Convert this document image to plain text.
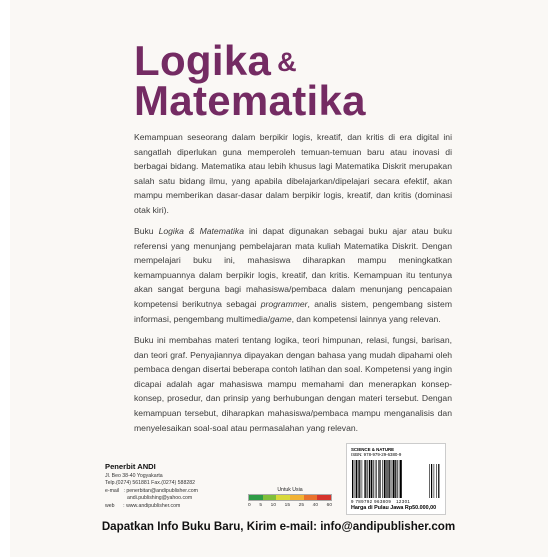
Logika &
Matematika

Kemampuan seseorang dalam berpikir logis, kreatif, dan kritis di era digital ini sangatlah diperlukan guna memperoleh temuan-temuan baru atau inovasi di berbagai bidang. Matematika atau lebih khusus lagi Matematika Diskrit merupakan salah satu bidang ilmu, yang apabila dibelajarkan/dipelajari secara efektif, akan mampu memberikan dasar-dasar dalam berpikir logis, kreatif, dan kritis (dominasi otak kiri).

Buku Logika & Matematika ini dapat digunakan sebagai buku ajar atau buku referensi yang menunjang pembelajaran mata kuliah Matematika Diskrit. Dengan mempelajari buku ini, mahasiswa diharapkan mampu meningkatkan kemampuannya dalam berpikir logis, kreatif, dan kritis. Kemampuan itu tentunya akan sangat berguna bagi mahasiswa/pembaca dalam menunjang pencapaian kompetensi berikutnya sebagai programmer, analis sistem, pengembang sistem informasi, pengembang multimedia/game, dan kompetensi lainnya yang relevan.

Buku ini membahas materi tentang logika, teori himpunan, relasi, fungsi, barisan, dan teori graf. Penyajiannya dipayakan dengan bahasa yang mudah dipahami oleh pembaca dengan disertai beberapa contoh latihan dan soal. Kompetensi yang ingin dicapai adalah agar mahasiswa mampu memahami dan menerapkan konsep-konsep, prosedur, dan prinsip yang berhubungan dengan materi tersebut. Dengan kemampuan tersebut, diharapkan mahasiswa/pembaca mampu menganalisis dan menyelesaikan soal-soal atau permasalahan yang relevan.

Penerbit ANDI
Jl. Beo 38-40 Yogyakarta
Telp.(0274) 561881 Fax.(0274) 588282
e-mail   : penerbitan@andipublisher.com
andi.publishing@yahoo.com
web      : www.andipublisher.com
Untuk Usia
0 5 10 15 25 40 60
SCIENCE & NATURE
ISBN: 978-979-29-6380-9
9 789792 963809 12301
Harga di Pulau Jawa Rp50.000,00
Dapatkan Info Buku Baru, Kirim e-mail: info@andipublisher.com
